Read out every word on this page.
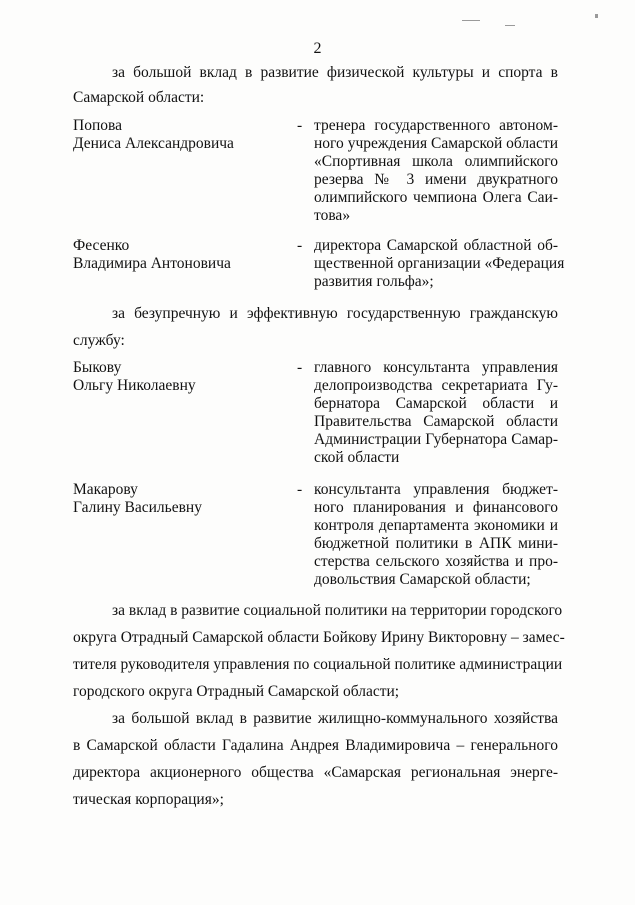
2
за большой вклад в развитие физической культуры и спорта в
Самарской области:
Попова
Дениса Александровича
- тренера государственного автоном-
ного учреждения Самарской области
«Спортивная школа олимпийского
резерва № 3 имени двукратного
олимпийского чемпиона Олега Саи-
това»
Фесенко
Владимира Антоновича
- директора Самарской областной об-
щественной организации «Федерация
развития гольфа»;
за безупречную и эффективную государственную гражданскую
службу:
Быкову
Ольгу Николаевну
- главного консультанта управления
делопроизводства секретариата Гу-
бернатора Самарской области и
Правительства Самарской области
Администрации Губернатора Самар-
ской области
Макарову
Галину Васильевну
- консультанта управления бюджет-
ного планирования и финансового
контроля департамента экономики и
бюджетной политики в АПК мини-
стерства сельского хозяйства и про-
довольствия Самарской области;
за вклад в развитие социальной политики на территории городского
округа Отрадный Самарской области Бойкову Ирину Викторовну – замес-
тителя руководителя управления по социальной политике администрации
городского округа Отрадный Самарской области;
за большой вклад в развитие жилищно-коммунального хозяйства
в Самарской области Гадалина Андрея Владимировича – генерального
директора акционерного общества «Самарская региональная энерге-
тическая корпорация»;
